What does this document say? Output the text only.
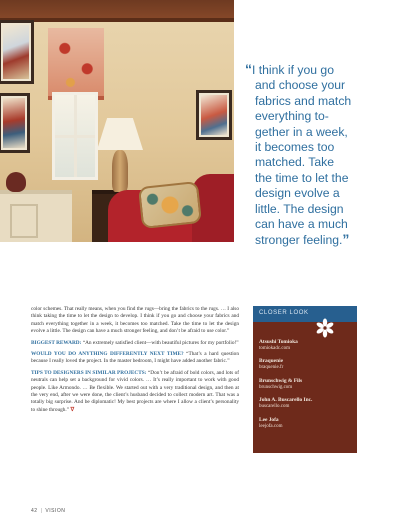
“I think if you go
and choose your
fabrics and match
everything to-
gether in a week,
it becomes too
matched. Take
the time to let the
design evolve a
little. The design
can have a much
stronger feeling.”

color schemes. That really means, when you find the rugs—bring the fabrics to the rugs. … I also think taking the time to let the design to develop. I think if you go and choose your fabrics and match everything together in a week, it becomes too matched. Take the time to let the design evolve a little. The design can have a much stronger feeling, and don’t be afraid to use color.”

BIGGEST REWARD: “An extremely satisfied client—with beautiful pictures for my portfolio!”

WOULD YOU DO ANYTHING DIFFERENTLY NEXT TIME? “That’s a hard question because I really loved the project. In the master bedroom, I might have added another fabric.”

TIPS TO DESIGNERS IN SIMILAR PROJECTS: “Don’t be afraid of bold colors, and lots of neutrals can help set a background for vivid colors. … It’s really important to work with good people. Like Armondo. … Be flexible. We started out with a very traditional design, and then at the very end, after we were done, the client’s husband decided to collect modern art. That was a totally big surprise. And be diplomatic! My best projects are where I allow a client’s personality to shine through.” ∇

CLOSER LOOK
Atsushi Tomioka
tomiokadc.com
Braquenie
braquenie.fr
Brunschwig & Fils
brunschwig.com
John A. Buscarello Inc.
buscarello.com
Lee Jofa
leejofa.com
42 | VISION
